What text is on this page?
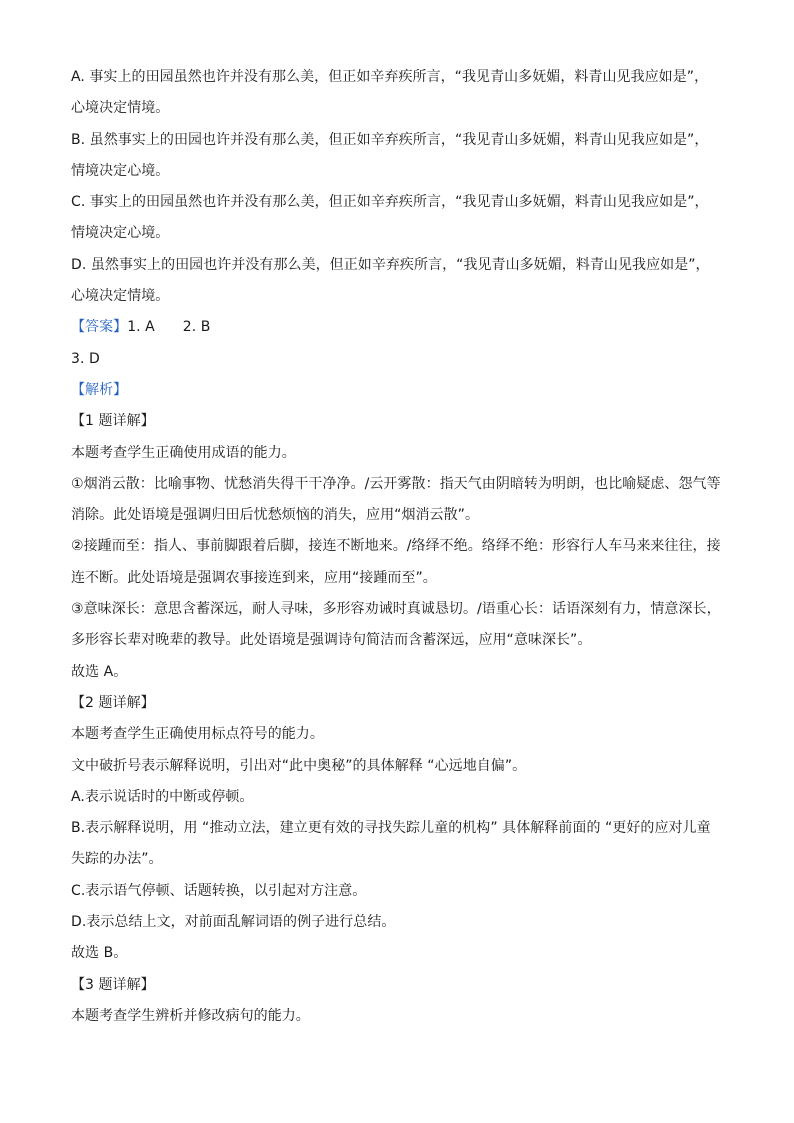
A. 事实上的田园虽然也许并没有那么美，但正如辛弃疾所言，“我见青山多妩媚，料青山见我应如是”，
心境决定情境。
B. 虽然事实上的田园也许并没有那么美，但正如辛弃疾所言，“我见青山多妩媚，料青山见我应如是”，
情境决定心境。
C. 事实上的田园虽然也许并没有那么美，但正如辛弃疾所言，“我见青山多妩媚，料青山见我应如是”，
情境决定心境。
D. 虽然事实上的田园也许并没有那么美，但正如辛弃疾所言，“我见青山多妩媚，料青山见我应如是”，
心境决定情境。
【答案】1. A 2. B
3. D
【解析】
【1 题详解】
本题考查学生正确使用成语的能力。
①烟消云散：比喻事物、忧愁消失得干干净净。/云开雾散：指天气由阴暗转为明朗，也比喻疑虑、怨气等
消除。此处语境是强调归田后忧愁烦恼的消失，应用“烟消云散”。
②接踵而至：指人、事前脚跟着后脚，接连不断地来。/络绎不绝。络绎不绝：形容行人车马来来往往，接
连不断。此处语境是强调农事接连到来，应用“接踵而至”。
③意味深长：意思含蓄深远，耐人寻味，多形容劝诫时真诚恳切。/语重心长：话语深刻有力，情意深长，
多形容长辈对晚辈的教导。此处语境是强调诗句简洁而含蓄深远，应用“意味深长”。
故选 A。
【2 题详解】
本题考查学生正确使用标点符号的能力。
文中破折号表示解释说明，引出对“此中奥秘”的具体解释 “心远地自偏”。
A.表示说话时的中断或停顿。
B.表示解释说明，用 “推动立法，建立更有效的寻找失踪儿童的机构” 具体解释前面的 “更好的应对儿童
失踪的办法”。
C.表示语气停顿、话题转换，以引起对方注意。
D.表示总结上文，对前面乱解词语的例子进行总结。
故选 B。
【3 题详解】
本题考查学生辨析并修改病句的能力。
